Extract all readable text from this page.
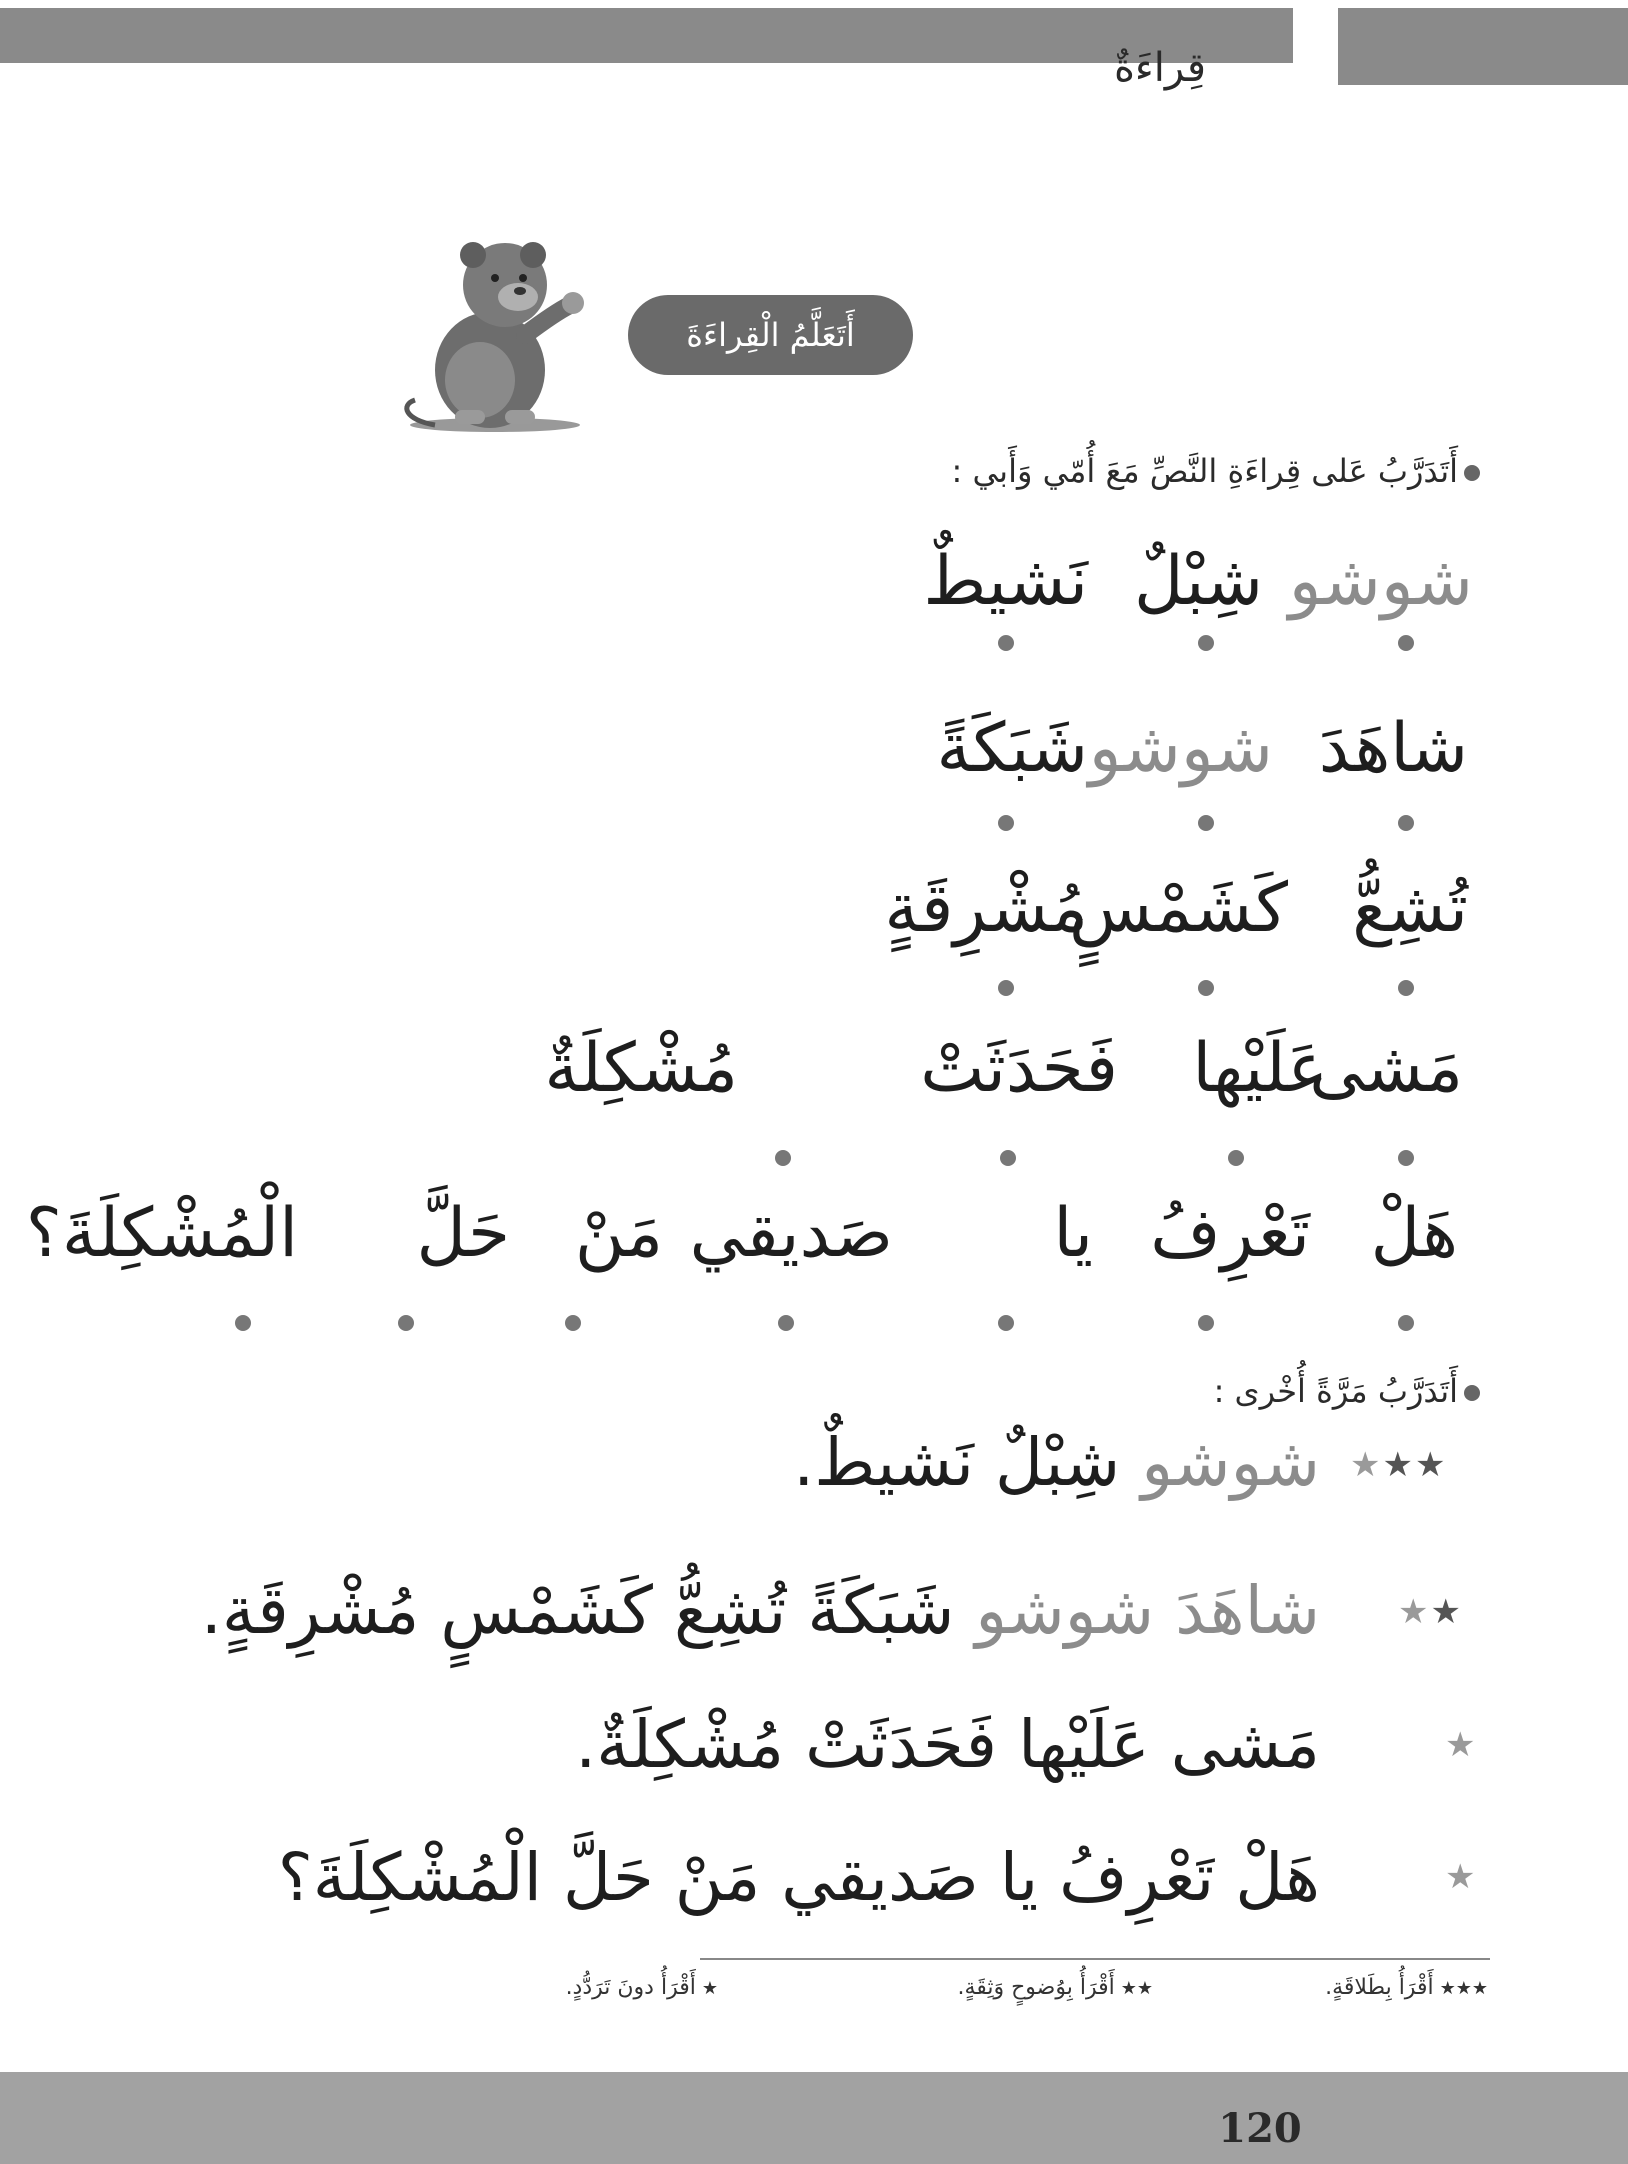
قِراءَةٌ
أَتَعَلَّمُ الْقِراءَةَ
أَتَدَرَّبُ عَلى قِراءَةِ النَّصِّ مَعَ أُمّي وَأَبي :
شوشو
شِبْلٌ
نَشيطٌ
شاهَدَ
شوشو
شَبَكَةً
تُشِعُّ
كَشَمْسٍ
مُشْرِقَةٍ
مَشى
عَلَيْها
فَحَدَثَتْ
مُشْكِلَةٌ
هَلْ
تَعْرِفُ
يا
صَديقي
مَنْ
حَلَّ
الْمُشْكِلَةَ؟
أَتَدَرَّبُ مَرَّةً أُخْرى :
★★★
شوشو شِبْلٌ نَشيطٌ.
★★
شاهَدَ شوشو شَبَكَةً تُشِعُّ كَشَمْسٍ مُشْرِقَةٍ.
★
مَشى عَلَيْها فَحَدَثَتْ مُشْكِلَةٌ.
★
هَلْ تَعْرِفُ يا صَديقي مَنْ حَلَّ الْمُشْكِلَةَ؟
★★★أَقْرَأُ بِطَلاقَةٍ.
★★أَقْرَأُ بِوُضوحٍ وَثِقَةٍ.
★أَقْرَأُ دونَ تَرَدُّدٍ.
120
